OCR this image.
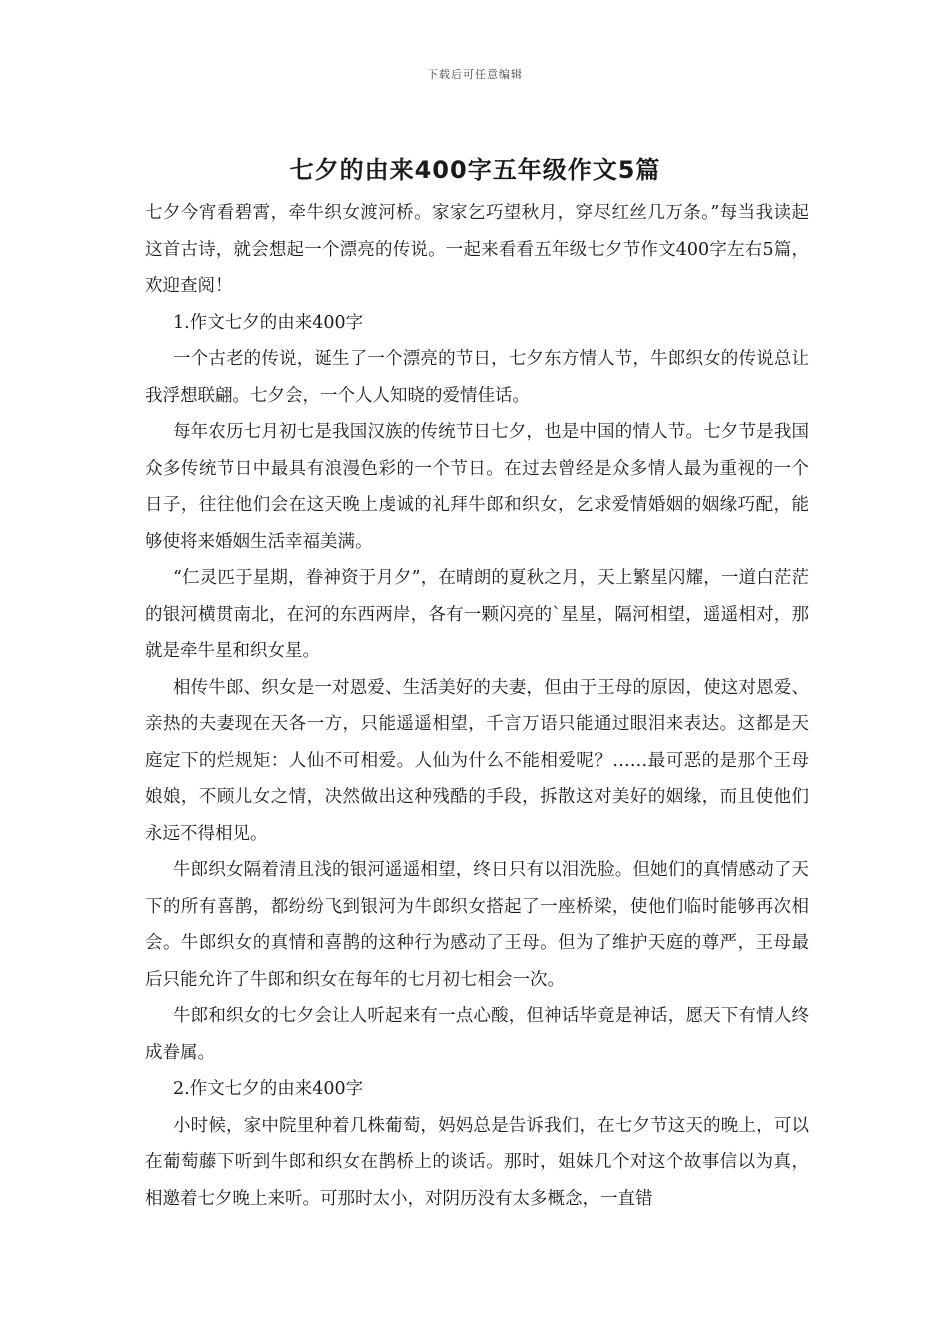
下载后可任意编辑
七夕的由来400字五年级作文5篇

七夕今宵看碧霄，牵牛织女渡河桥。家家乞巧望秋月，穿尽红丝几万条。”每当我读起这首古诗，就会想起一个漂亮的传说。一起来看看五年级七夕节作文400字左右5篇，欢迎查阅！

1.作文七夕的由来400字

一个古老的传说，诞生了一个漂亮的节日，七夕东方情人节，牛郎织女的传说总让我浮想联翩。七夕会，一个人人知晓的爱情佳话。

每年农历七月初七是我国汉族的传统节日七夕，也是中国的情人节。七夕节是我国众多传统节日中最具有浪漫色彩的一个节日。在过去曾经是众多情人最为重视的一个日子，往往他们会在这天晚上虔诚的礼拜牛郎和织女，乞求爱情婚姻的姻缘巧配，能够使将来婚姻生活幸福美满。

“仁灵匹于星期，眷神资于月夕”，在晴朗的夏秋之月，天上繁星闪耀，一道白茫茫的银河横贯南北，在河的东西两岸，各有一颗闪亮的`星星，隔河相望，遥遥相对，那就是牵牛星和织女星。

相传牛郎、织女是一对恩爱、生活美好的夫妻，但由于王母的原因，使这对恩爱、亲热的夫妻现在天各一方，只能遥遥相望，千言万语只能通过眼泪来表达。这都是天庭定下的烂规矩：人仙不可相爱。人仙为什么不能相爱呢？……最可恶的是那个王母娘娘，不顾儿女之情，决然做出这种残酷的手段，拆散这对美好的姻缘，而且使他们永远不得相见。

牛郎织女隔着清且浅的银河遥遥相望，终日只有以泪洗脸。但她们的真情感动了天下的所有喜鹊，都纷纷飞到银河为牛郎织女搭起了一座桥梁，使他们临时能够再次相会。牛郎织女的真情和喜鹊的这种行为感动了王母。但为了维护天庭的尊严，王母最后只能允许了牛郎和织女在每年的七月初七相会一次。

牛郎和织女的七夕会让人听起来有一点心酸，但神话毕竟是神话，愿天下有情人终成眷属。

2.作文七夕的由来400字

小时候，家中院里种着几株葡萄，妈妈总是告诉我们，在七夕节这天的晚上，可以在葡萄藤下听到牛郎和织女在鹊桥上的谈话。那时，姐妹几个对这个故事信以为真，相邀着七夕晚上来听。可那时太小，对阴历没有太多概念，一直错
